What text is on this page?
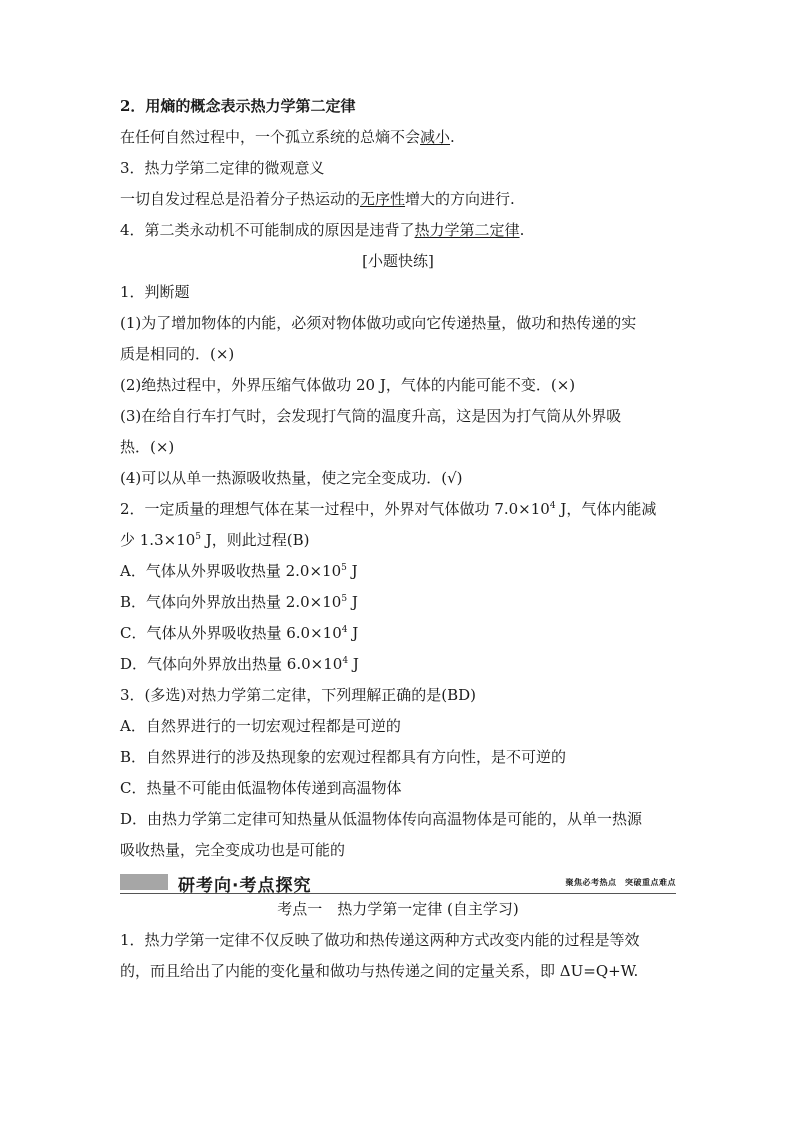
2．用熵的概念表示热力学第二定律
在任何自然过程中，一个孤立系统的总熵不会减小.
3．热力学第二定律的微观意义
一切自发过程总是沿着分子热运动的无序性增大的方向进行.
4．第二类永动机不可能制成的原因是违背了热力学第二定律.
[小题快练]
1．判断题
(1)为了增加物体的内能，必须对物体做功或向它传递热量，做功和热传递的实
质是相同的．(×)
(2)绝热过程中，外界压缩气体做功 20 J，气体的内能可能不变．(×)
(3)在给自行车打气时，会发现打气筒的温度升高，这是因为打气筒从外界吸
热．(×)
(4)可以从单一热源吸收热量，使之完全变成功．(√)
2．一定质量的理想气体在某一过程中，外界对气体做功 $7.0\times 10^4$ J，气体内能减
少 $1.3\times 10^5$ J，则此过程(B)
A．气体从外界吸收热量 $2.0\times 10^5$ J
B．气体向外界放出热量 $2.0\times 10^5$ J
C．气体从外界吸收热量 $6.0\times 10^4$ J
D．气体向外界放出热量 $6.0\times 10^4$ J
3．(多选)对热力学第二定律，下列理解正确的是(BD)
A．自然界进行的一切宏观过程都是可逆的
B．自然界进行的涉及热现象的宏观过程都具有方向性，是不可逆的
C．热量不可能由低温物体传递到高温物体
D．由热力学第二定律可知热量从低温物体传向高温物体是可能的，从单一热源
吸收热量，完全变成功也是可能的
研考向·考点探究	聚焦必考热点　突破重点难点
考点一　热力学第一定律 (自主学习)
1．热力学第一定律不仅反映了做功和热传递这两种方式改变内能的过程是等效
的，而且给出了内能的变化量和做功与热传递之间的定量关系，即 ΔU=Q+W.
